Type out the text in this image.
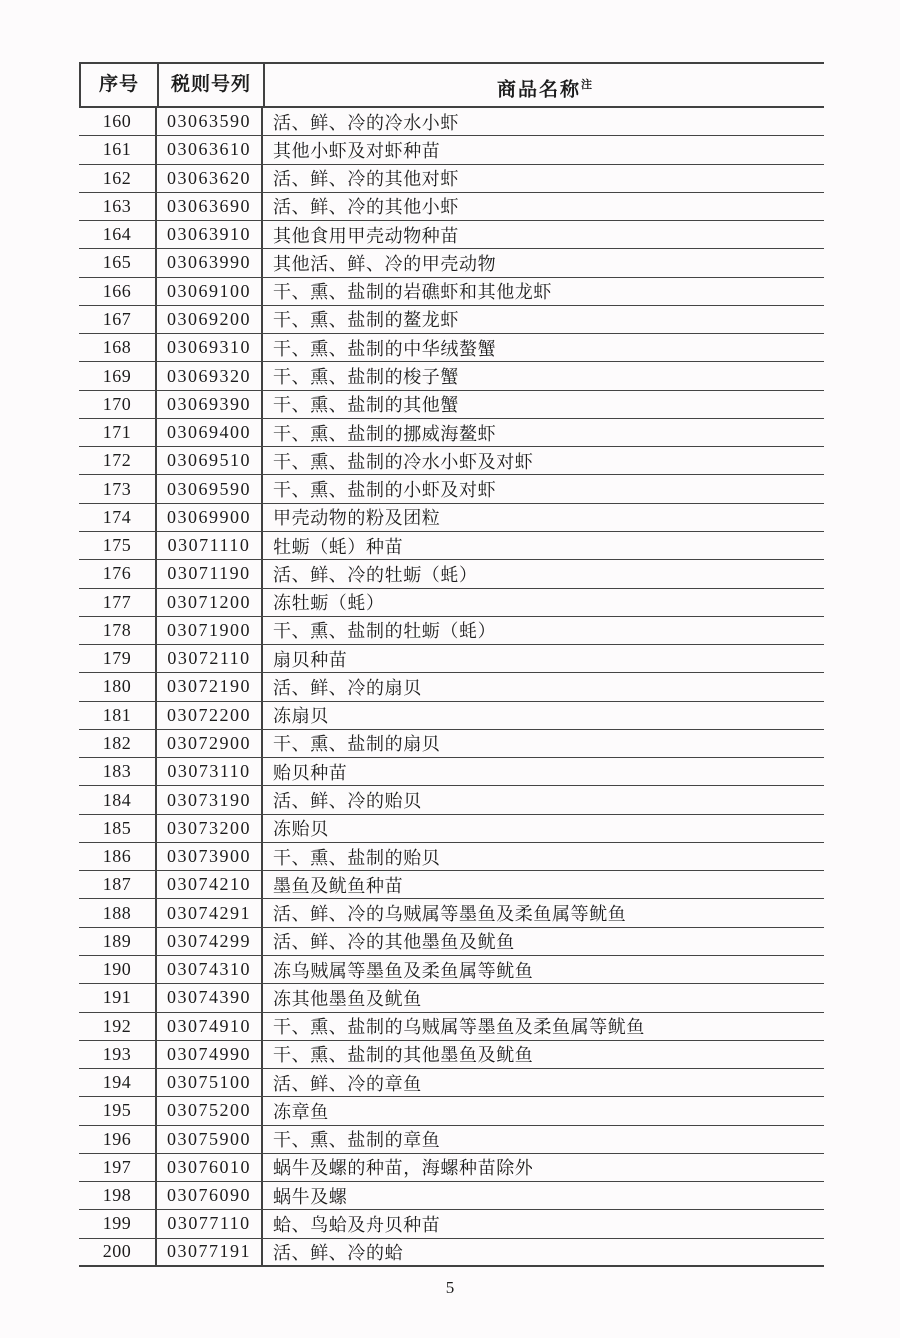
序号	税则号列	商品名称$^注$
160	03063590	活、鲜、冷的冷水小虾
161	03063610	其他小虾及对虾种苗
162	03063620	活、鲜、冷的其他对虾
163	03063690	活、鲜、冷的其他小虾
164	03063910	其他食用甲壳动物种苗
165	03063990	其他活、鲜、冷的甲壳动物
166	03069100	干、熏、盐制的岩礁虾和其他龙虾
167	03069200	干、熏、盐制的鳌龙虾
168	03069310	干、熏、盐制的中华绒螯蟹
169	03069320	干、熏、盐制的梭子蟹
170	03069390	干、熏、盐制的其他蟹
171	03069400	干、熏、盐制的挪威海鳌虾
172	03069510	干、熏、盐制的冷水小虾及对虾
173	03069590	干、熏、盐制的小虾及对虾
174	03069900	甲壳动物的粉及团粒
175	03071110	牡蛎（蚝）种苗
176	03071190	活、鲜、冷的牡蛎（蚝）
177	03071200	冻牡蛎（蚝）
178	03071900	干、熏、盐制的牡蛎（蚝）
179	03072110	扇贝种苗
180	03072190	活、鲜、冷的扇贝
181	03072200	冻扇贝
182	03072900	干、熏、盐制的扇贝
183	03073110	贻贝种苗
184	03073190	活、鲜、冷的贻贝
185	03073200	冻贻贝
186	03073900	干、熏、盐制的贻贝
187	03074210	墨鱼及鱿鱼种苗
188	03074291	活、鲜、冷的乌贼属等墨鱼及柔鱼属等鱿鱼
189	03074299	活、鲜、冷的其他墨鱼及鱿鱼
190	03074310	冻乌贼属等墨鱼及柔鱼属等鱿鱼
191	03074390	冻其他墨鱼及鱿鱼
192	03074910	干、熏、盐制的乌贼属等墨鱼及柔鱼属等鱿鱼
193	03074990	干、熏、盐制的其他墨鱼及鱿鱼
194	03075100	活、鲜、冷的章鱼
195	03075200	冻章鱼
196	03075900	干、熏、盐制的章鱼
197	03076010	蜗牛及螺的种苗，海螺种苗除外
198	03076090	蜗牛及螺
199	03077110	蛤、鸟蛤及舟贝种苗
200	03077191	活、鲜、冷的蛤
5
